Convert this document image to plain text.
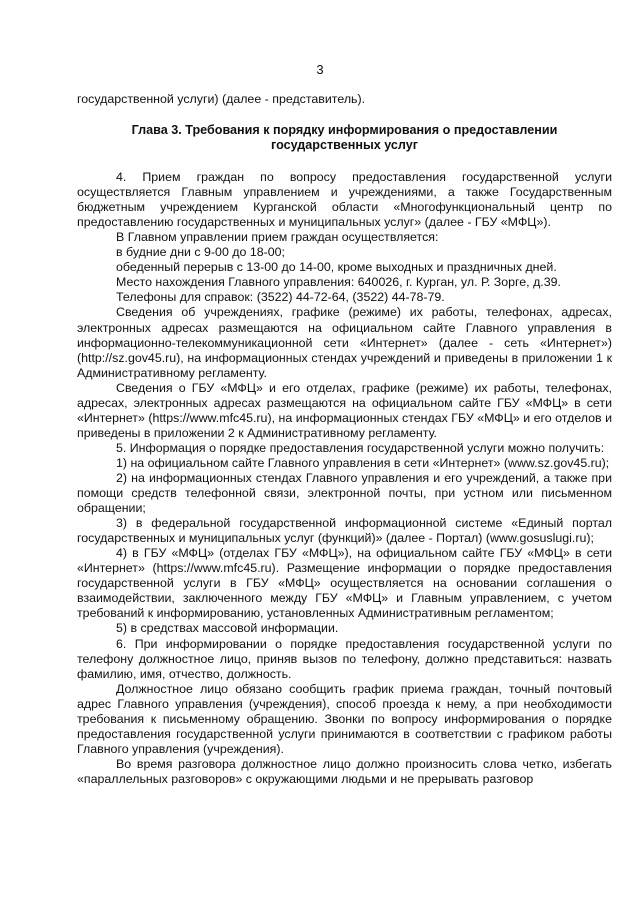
3

государственной услуги) (далее - представитель).

Глава 3. Требования к порядку информирования о предоставлении государственных услуг

4. Прием граждан по вопросу предоставления государственной услуги осуществляется Главным управлением и учреждениями, а также Государственным бюджетным учреждением Курганской области «Многофункциональный центр по предоставлению государственных и муниципальных услуг» (далее - ГБУ «МФЦ»).

В Главном управлении прием граждан осуществляется:

в будние дни с 9-00 до 18-00;

обеденный перерыв с 13-00 до 14-00, кроме выходных и праздничных дней.

Место нахождения Главного управления: 640026, г. Курган, ул. Р. Зорге, д.39.

Телефоны для справок: (3522) 44-72-64, (3522) 44-78-79.

Сведения об учреждениях, графике (режиме) их работы, телефонах, адресах, электронных адресах размещаются на официальном сайте Главного управления в информационно-телекоммуникационной сети «Интернет» (далее - сеть «Интернет») (http://sz.gov45.ru), на информационных стендах учреждений и приведены в приложении 1 к Административному регламенту.

Сведения о ГБУ «МФЦ» и его отделах, графике (режиме) их работы, телефонах, адресах, электронных адресах размещаются на официальном сайте ГБУ «МФЦ» в сети «Интернет» (https://www.mfc45.ru), на информационных стендах ГБУ «МФЦ» и его отделов и приведены в приложении 2 к Административному регламенту.

5. Информация о порядке предоставления государственной услуги можно получить:

1) на официальном сайте Главного управления в сети «Интернет» (www.sz.gov45.ru);

2) на информационных стендах Главного управления и его учреждений, а также при помощи средств телефонной связи, электронной почты, при устном или письменном обращении;

3) в федеральной государственной информационной системе «Единый портал государственных и муниципальных услуг (функций)» (далее - Портал) (www.gosuslugi.ru);

4) в ГБУ «МФЦ» (отделах ГБУ «МФЦ»), на официальном сайте ГБУ «МФЦ» в сети «Интернет» (https://www.mfc45.ru). Размещение информации о порядке предоставления государственной услуги в ГБУ «МФЦ» осуществляется на основании соглашения о взаимодействии, заключенного между ГБУ «МФЦ» и Главным управлением, с учетом требований к информированию, установленных Административным регламентом;

5) в средствах массовой информации.

6. При информировании о порядке предоставления государственной услуги по телефону должностное лицо, приняв вызов по телефону, должно представиться: назвать фамилию, имя, отчество, должность.

Должностное лицо обязано сообщить график приема граждан, точный почтовый адрес Главного управления (учреждения), способ проезда к нему, а при необходимости требования к письменному обращению. Звонки по вопросу информирования о порядке предоставления государственной услуги принимаются в соответствии с графиком работы Главного управления (учреждения).

Во время разговора должностное лицо должно произносить слова четко, избегать «параллельных разговоров» с окружающими людьми и не прерывать разговор
